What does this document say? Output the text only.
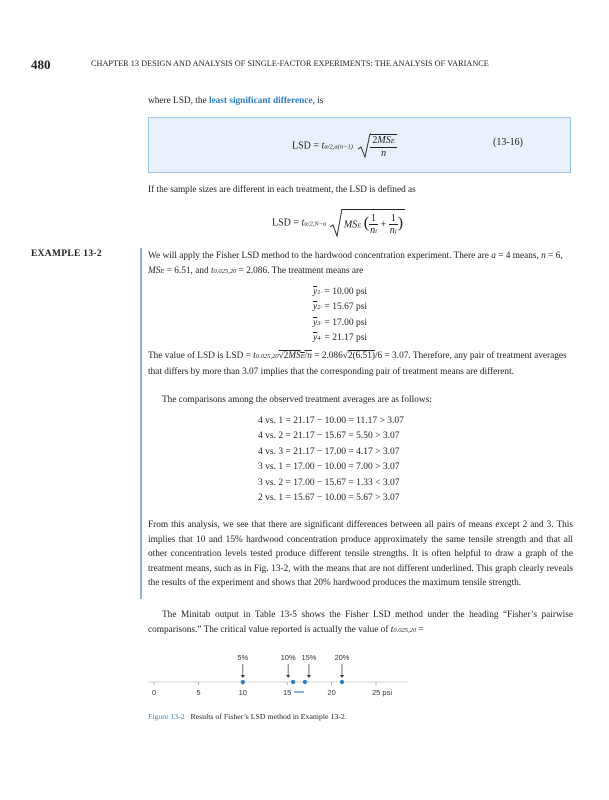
480	CHAPTER 13 DESIGN AND ANALYSIS OF SINGLE-FACTOR EXPERIMENTS: THE ANALYSIS OF VARIANCE
where LSD, the least significant difference, is
LSD = $t\alpha/2,a(n-1) \frac{\text{2MSE}}{n}$	(13-16)
If the sample sizes are different in each treatment, the LSD is defined as
LSD = tα/2,N−a MSE ( $\frac{1}{ni} + \frac{1}{nj}$ )
EXAMPLE 13-2	We will apply the Fisher LSD method to the hardwood concentration experiment. There are a = 4 means, n = 6, MSE = 6.51, and t0.025,20 = 2.086. The treatment means are
$\overline{y}1\cdot = 10.00$ psi
$\overline{y}2\cdot = 15.67$ psi
$\overline{y}3\cdot = 17.00$ psi
$\overline{y}4\cdot = 21.17$ psi
The value of LSD is LSD = t0.025,20√2MSE/n = 2.086√2(6.51)/6 = 3.07. Therefore, any pair of treatment averages that differs by more than 3.07 implies that the corresponding pair of treatment means are different.
The comparisons among the observed treatment averages are as follows:
4 vs. 1 = 21.17 − 10.00 = 11.17 > 3.07
4 vs. 2 = 21.17 − 15.67 = 5.50 > 3.07
4 vs. 3 = 21.17 − 17.00 = 4.17 > 3.07
3 vs. 1 = 17.00 − 10.00 = 7.00 > 3.07
3 vs. 2 = 17.00 − 15.67 = 1.33 < 3.07
2 vs. 1 = 15.67 − 10.00 = 5.67 > 3.07
From this analysis, we see that there are significant differences between all pairs of means except 2 and 3. This implies that 10 and 15% hardwood concentration produce approximately the same tensile strength and that all other concentration levels tested produce different tensile strengths. It is often helpful to draw a graph of the treatment means, such as in Fig. 13-2, with the means that are not different underlined. This graph clearly reveals the results of the experiment and shows that 20% hardwood produces the maximum tensile strength.
The Minitab output in Table 13-5 shows the Fisher LSD method under the heading “Fisher’s pairwise comparisons.” The critical value reported is actually the value of t0.025,20 =
0	5	10	15	20	25 psi
5%	10% 15% 20%
Figure 13-2 Results of Fisher’s LSD method in Example 13-2.
